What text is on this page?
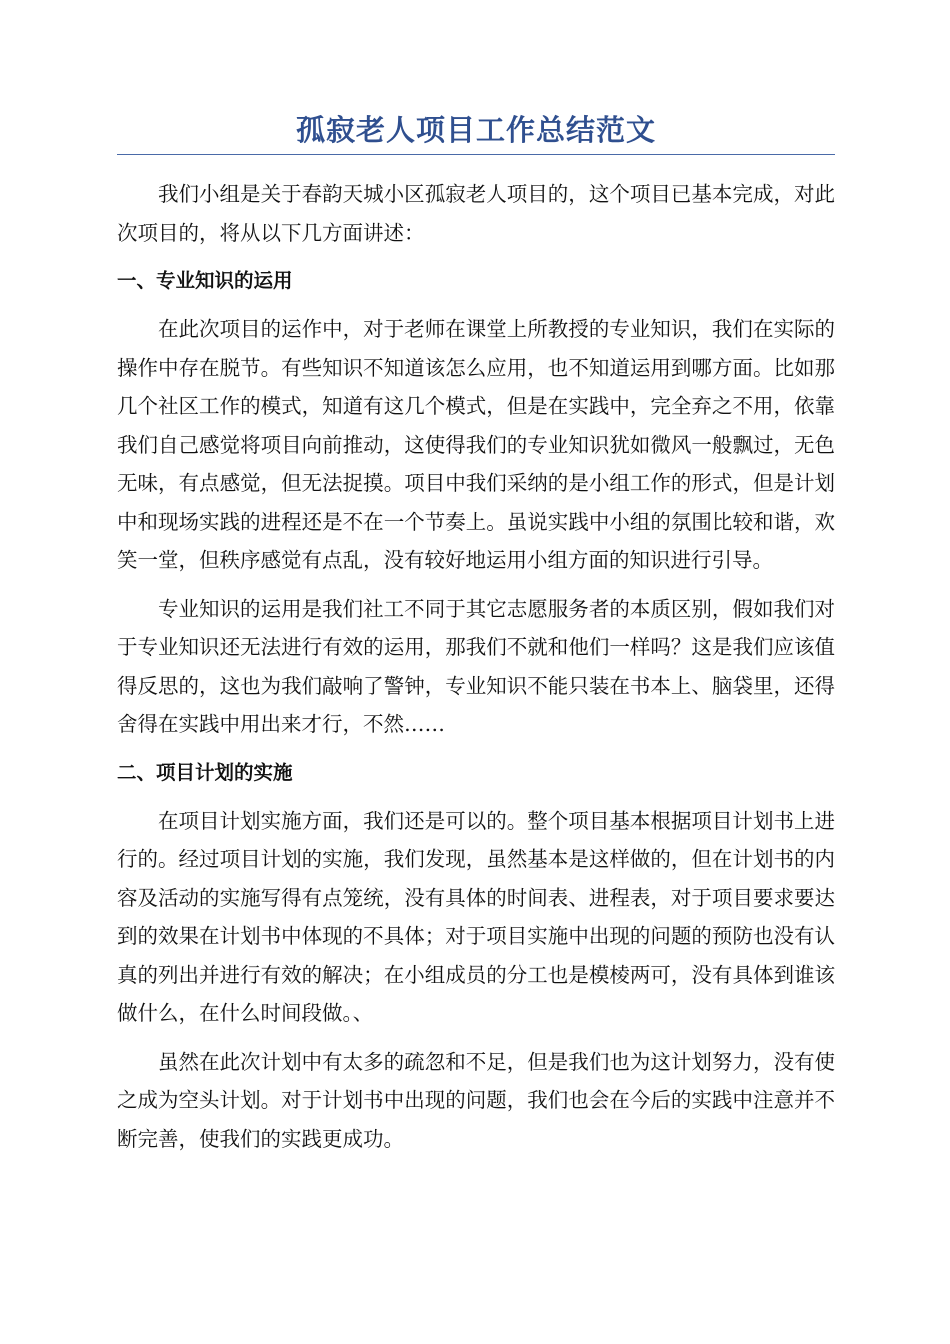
孤寂老人项目工作总结范文

我们小组是关于春韵天城小区孤寂老人项目的，这个项目已基本完成，对此次项目的，将从以下几方面讲述：

一、专业知识的运用

在此次项目的运作中，对于老师在课堂上所教授的专业知识，我们在实际的操作中存在脱节。有些知识不知道该怎么应用，也不知道运用到哪方面。比如那几个社区工作的模式，知道有这几个模式，但是在实践中，完全弃之不用，依靠我们自己感觉将项目向前推动，这使得我们的专业知识犹如微风一般飘过，无色无味，有点感觉，但无法捉摸。项目中我们采纳的是小组工作的形式，但是计划中和现场实践的进程还是不在一个节奏上。虽说实践中小组的氛围比较和谐，欢笑一堂，但秩序感觉有点乱，没有较好地运用小组方面的知识进行引导。

专业知识的运用是我们社工不同于其它志愿服务者的本质区别，假如我们对于专业知识还无法进行有效的运用，那我们不就和他们一样吗？这是我们应该值得反思的，这也为我们敲响了警钟，专业知识不能只装在书本上、脑袋里，还得舍得在实践中用出来才行，不然……

二、项目计划的实施

在项目计划实施方面，我们还是可以的。整个项目基本根据项目计划书上进行的。经过项目计划的实施，我们发现，虽然基本是这样做的，但在计划书的内容及活动的实施写得有点笼统，没有具体的时间表、进程表，对于项目要求要达到的效果在计划书中体现的不具体；对于项目实施中出现的问题的预防也没有认真的列出并进行有效的解决；在小组成员的分工也是模棱两可，没有具体到谁该做什么，在什么时间段做。、

虽然在此次计划中有太多的疏忽和不足，但是我们也为这计划努力，没有使之成为空头计划。对于计划书中出现的问题，我们也会在今后的实践中注意并不断完善，使我们的实践更成功。
